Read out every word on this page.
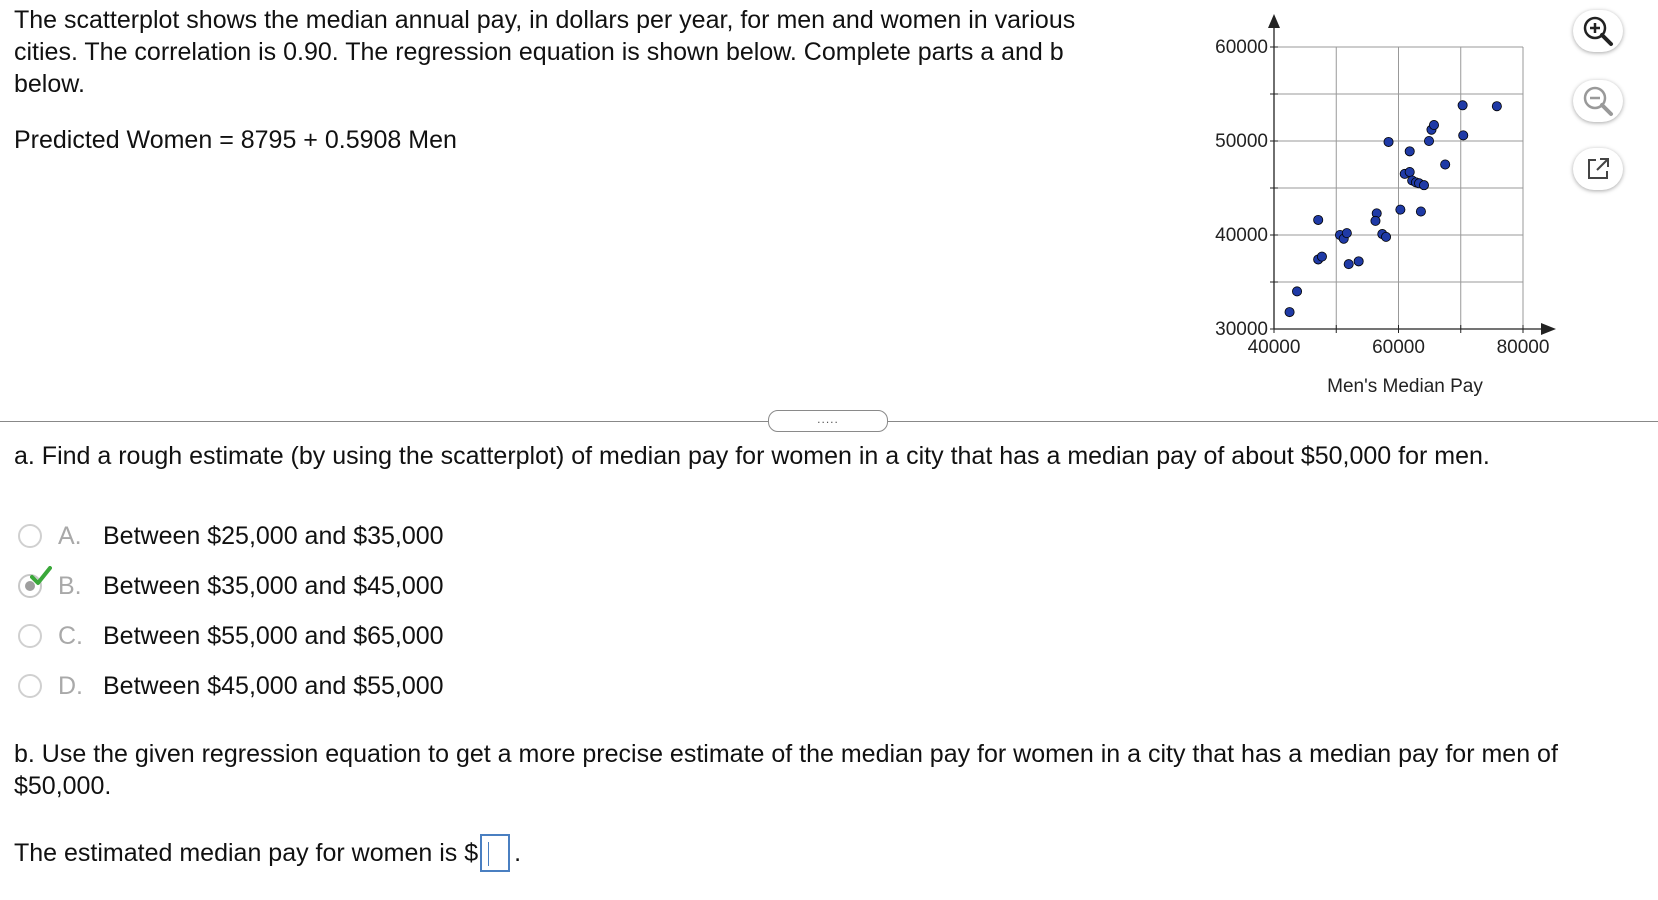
The scatterplot shows the median annual pay, in dollars per year, for men and women in various cities. The correlation is 0.90. The regression equation is shown below. Complete parts a and b below.
Predicted Women = 8795 + 0.5908 Men
40000	60000	80000
30000
40000
50000
60000
Men's Median Pay
.....
a. Find a rough estimate (by using the scatterplot) of median pay for women in a city that has a median pay of about $50,000 for men.
A. Between $25,000 and $35,000
B. Between $35,000 and $45,000
C. Between $55,000 and $65,000
D. Between $45,000 and $55,000
b. Use the given regression equation to get a more precise estimate of the median pay for women in a city that has a median pay for men of $50,000.
The estimated median pay for women is $ .
